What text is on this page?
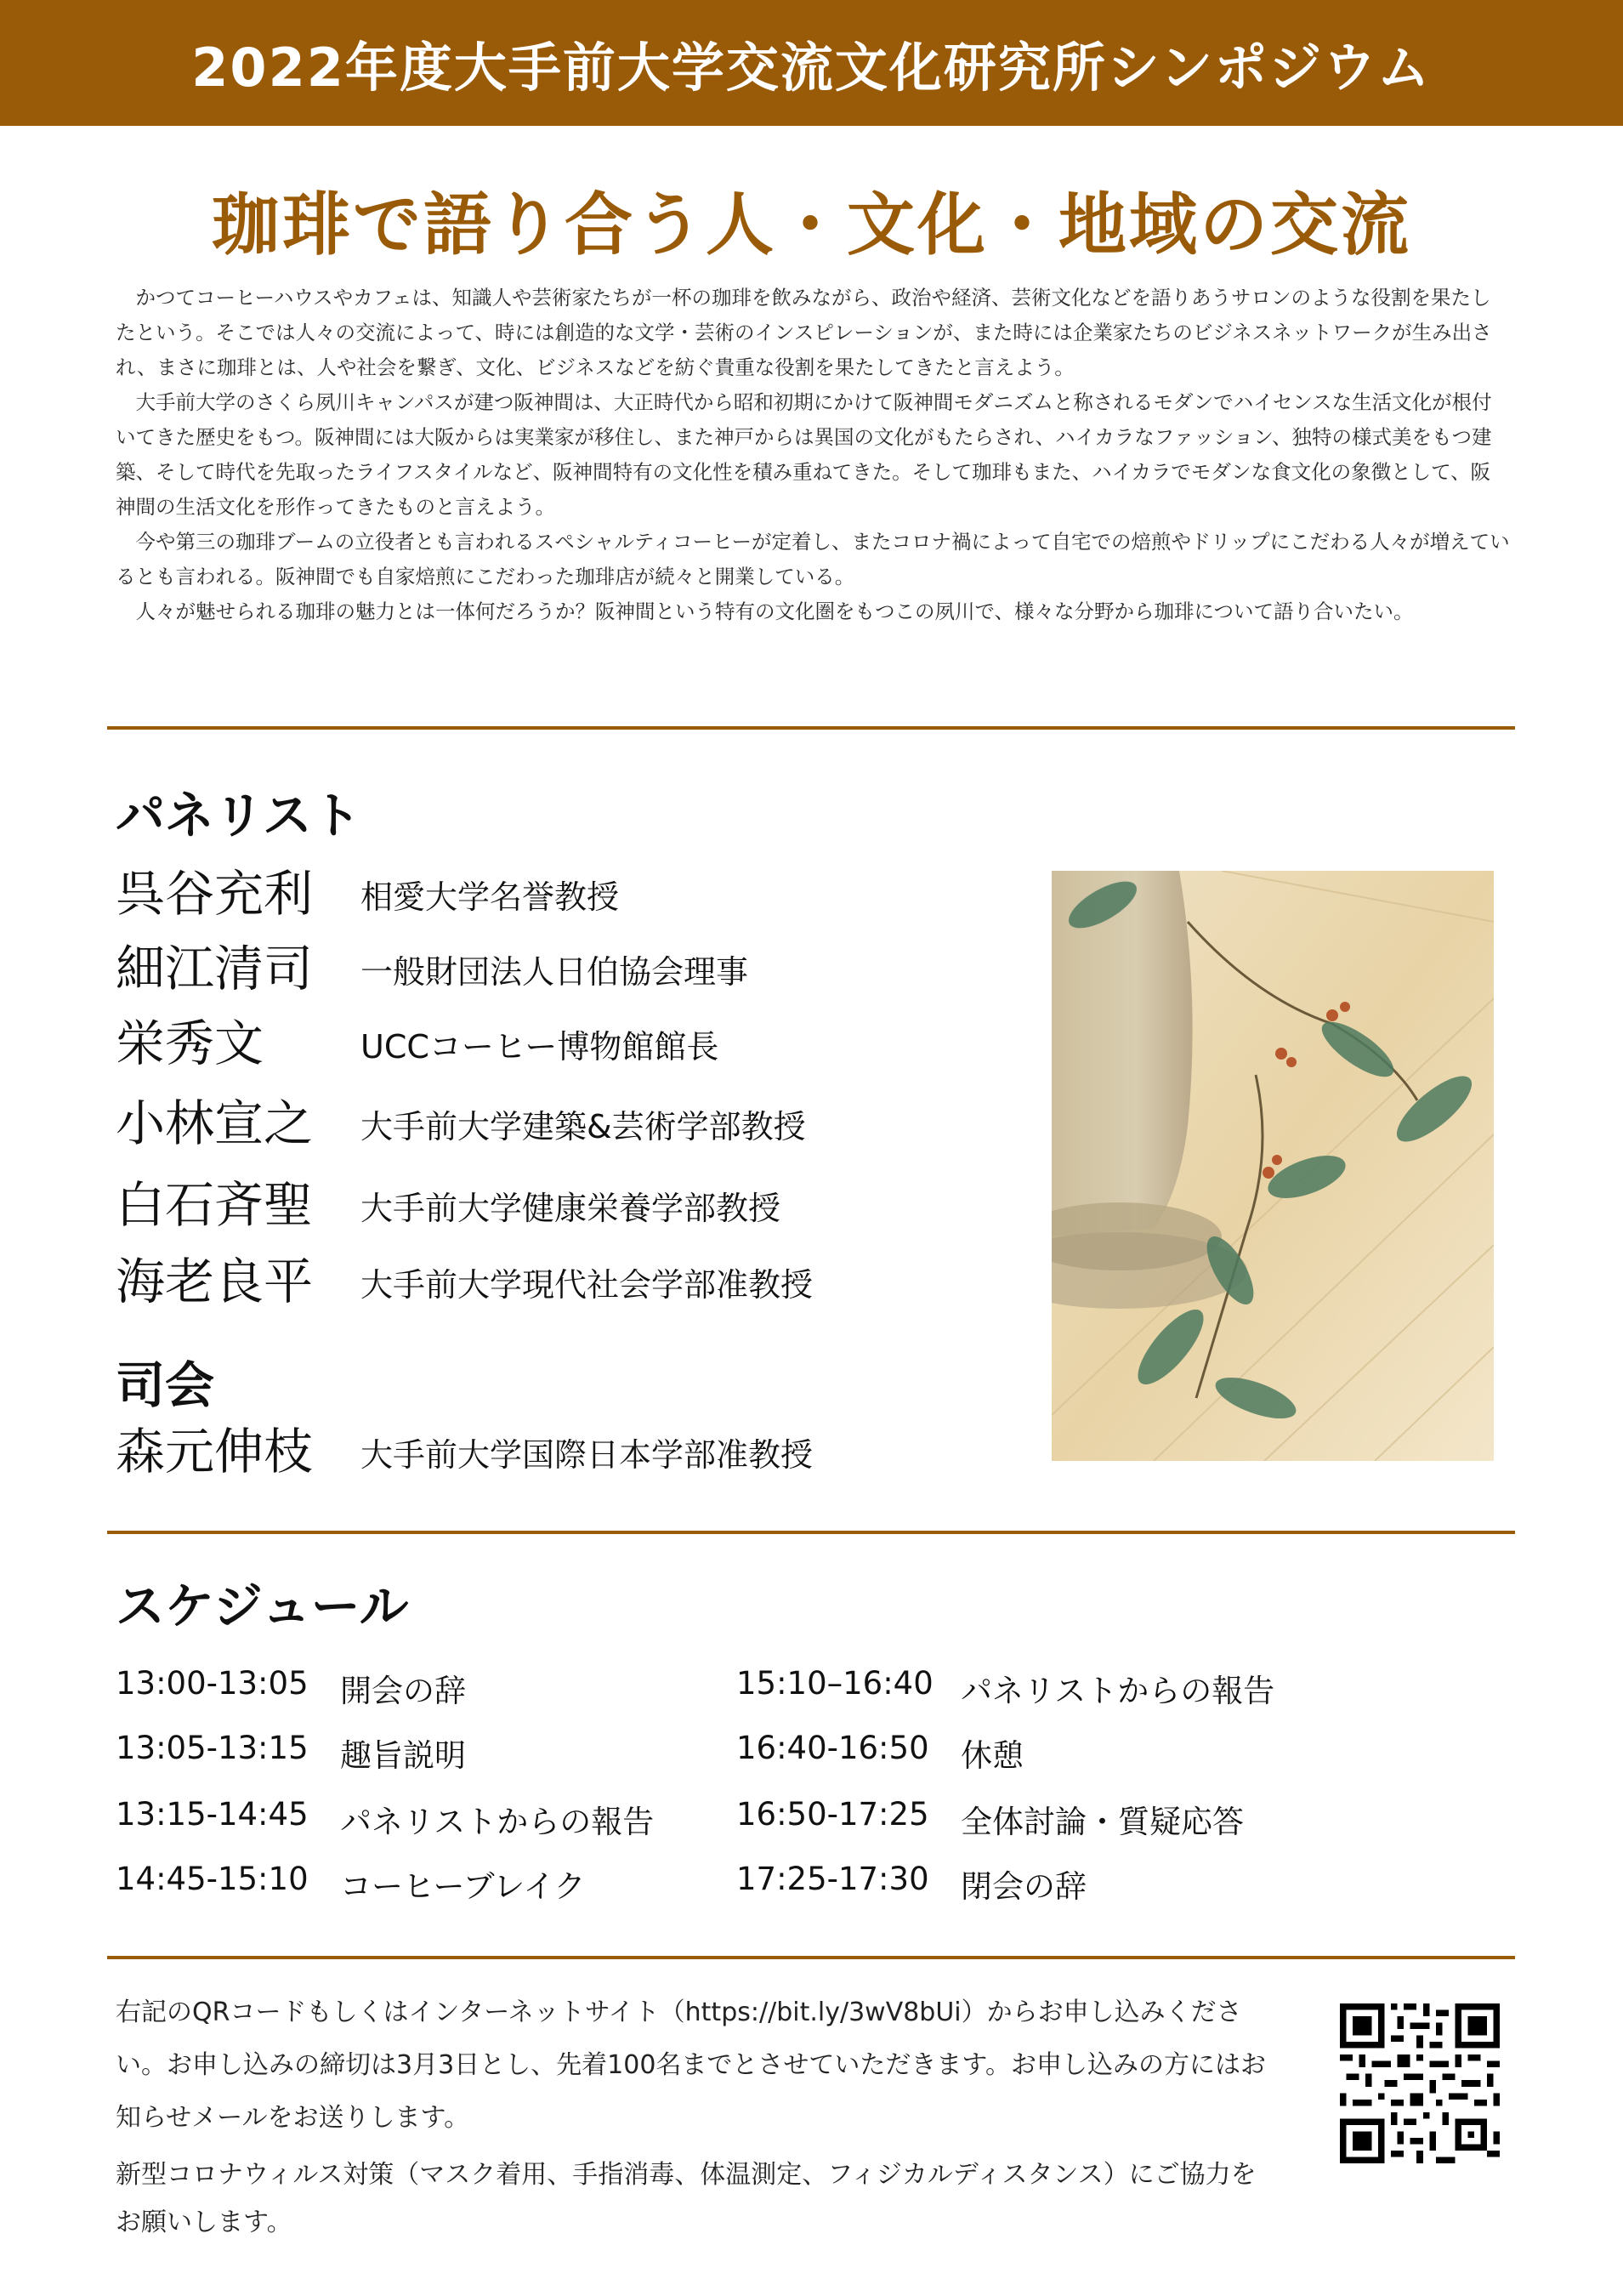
2022年度大手前大学交流文化研究所シンポジウム
珈琲で語り合う人・文化・地域の交流

かつてコーヒーハウスやカフェは、知識人や芸術家たちが一杯の珈琲を飲みながら、政治や経済、芸術文化などを語りあうサロンのような役割を果たしたという。そこでは人々の交流によって、時には創造的な文学・芸術のインスピレーションが、また時には企業家たちのビジネスネットワークが生み出され、まさに珈琲とは、人や社会を繋ぎ、文化、ビジネスなどを紡ぐ貴重な役割を果たしてきたと言えよう。

大手前大学のさくら夙川キャンパスが建つ阪神間は、大正時代から昭和初期にかけて阪神間モダニズムと称されるモダンでハイセンスな生活文化が根付いてきた歴史をもつ。阪神間には大阪からは実業家が移住し、また神戸からは異国の文化がもたらされ、ハイカラなファッション、独特の様式美をもつ建築、そして時代を先取ったライフスタイルなど、阪神間特有の文化性を積み重ねてきた。そして珈琲もまた、ハイカラでモダンな食文化の象徴として、阪神間の生活文化を形作ってきたものと言えよう。

今や第三の珈琲ブームの立役者とも言われるスペシャルティコーヒーが定着し、またコロナ禍によって自宅での焙煎やドリップにこだわる人々が増えているとも言われる。阪神間でも自家焙煎にこだわった珈琲店が続々と開業している。

人々が魅せられる珈琲の魅力とは一体何だろうか？阪神間という特有の文化圏をもつこの夙川で、様々な分野から珈琲について語り合いたい。

パネリスト
呉谷充利 相愛大学名誉教授
細江清司 一般財団法人日伯協会理事
栄秀文	UCCコーヒー博物館館長
小林宣之 大手前大学建築&芸術学部教授
白石斉聖 大手前大学健康栄養学部教授
海老良平 大手前大学現代社会学部准教授
司会
森元伸枝 大手前大学国際日本学部准教授
スケジュール
13:00-13:05 開会の辞
13:05-13:15 趣旨説明
13:15-14:45 パネリストからの報告
14:45-15:10 コーヒーブレイク
15:10–16:40 パネリストからの報告
16:40-16:50 休憩
16:50-17:25 全体討論・質疑応答
17:25-17:30 閉会の辞

右記のQRコードもしくはインターネットサイト（https://bit.ly/3wV8bUi）からお申し込みください。お申し込みの締切は3月3日とし、先着100名までとさせていただきます。お申し込みの方にはお知らせメールをお送りします。

新型コロナウィルス対策（マスク着用、手指消毒、体温測定、フィジカルディスタンス）にご協力をお願いします。
